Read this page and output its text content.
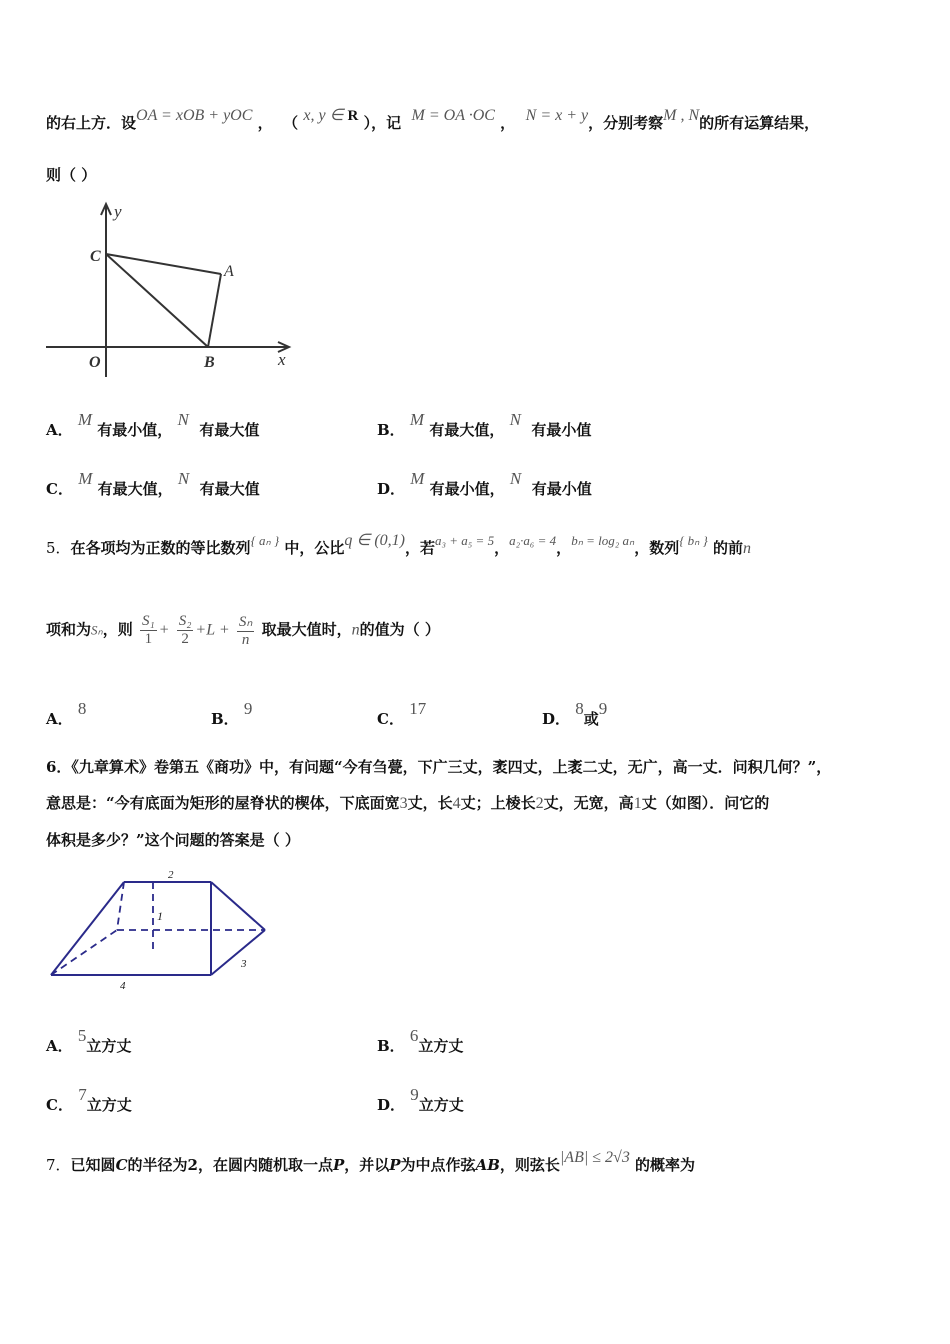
的右上方．设OA = xOB + yOC ， （ x, y ∈ R ），记 M = OA ·OC ， N = x + y，分别考察M , N的所有运算结果，
则（ ）
y
x
C
A
O	B
A． M 有最小值， N  有最大值	B． M 有最大值， N  有最小值
C． M 有最大值， N  有最大值	D． M 有最小值， N  有最小值
5．在各项均为正数的等比数列{ aₙ } 中，公比q ∈ (0,1)，若a₃ + a₅ = 5，a₂·a₆ = 4，bₙ = log₂ aₙ，数列{ bₙ } 的前n
项和为Sₙ，则 $\frac{\text{S₁}}{1} + \frac{\text{S₂}}{2} +L + \frac{\text{Sₙ}}{n}$ 取最大值时，n的值为（ ）
A． 8
B． 9
C． 17
D． 8或9
6．《九章算术》卷第五《商功》中，有问题“今有刍甍，下广三丈，袤四丈，上袤二丈，无广，高一丈．问积几何？”，
意思是：“今有底面为矩形的屋脊状的楔体，下底面宽3丈，长4丈；上棱长2丈，无宽，高1丈（如图）．问它的
体积是多少？”这个问题的答案是（ ）
2
1
3
4
A． 5立方丈	B． 6立方丈
C． 7立方丈	D． 9立方丈
7．已知圆C的半径为2，在圆内随机取一点P，并以P为中点作弦AB，则弦长|AB| ≤ 2√3 的概率为
